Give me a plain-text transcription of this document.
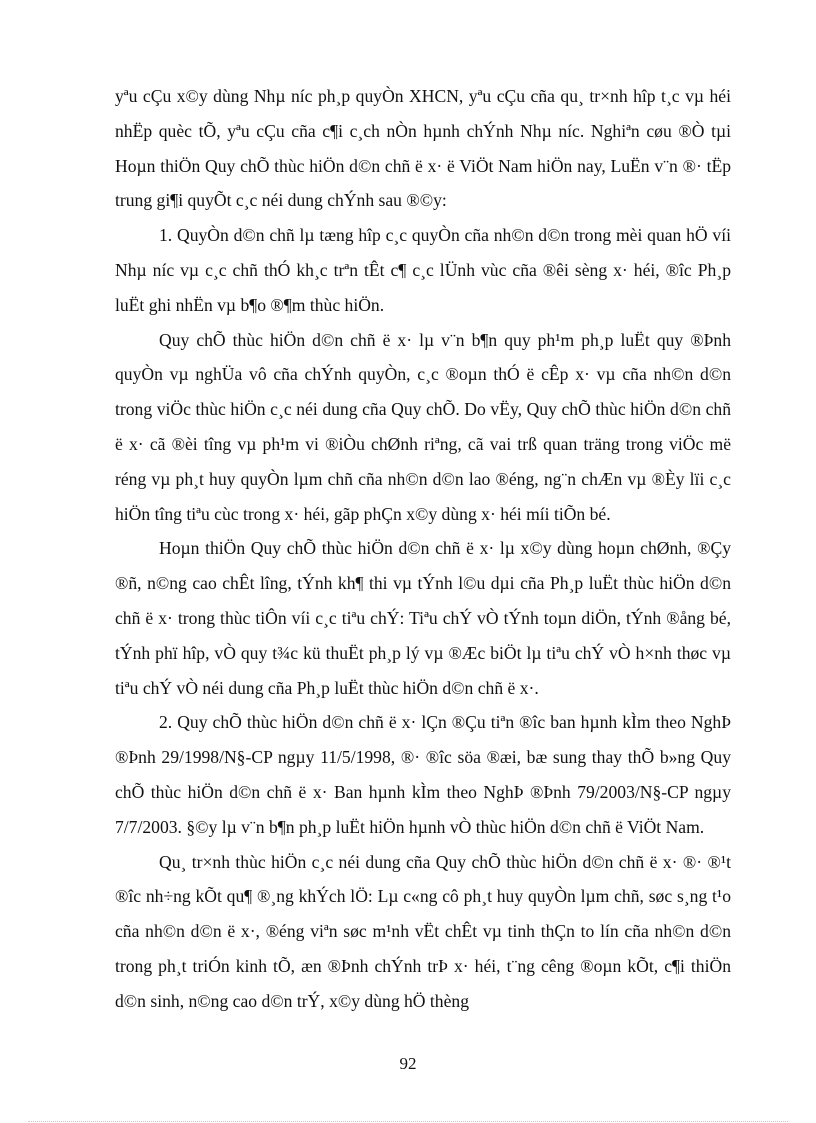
yªu cÇu x©y dùng Nhµ níc ph¸p quyÒn XHCN, yªu cÇu cña qu¸ tr×nh hîp t¸c vµ héi nhËp quèc tÕ, yªu cÇu cña c¶i c¸ch nÒn hµnh chÝnh Nhµ níc. Nghiªn cøu ®Ò tµi Hoµn thiÖn Quy chÕ thùc hiÖn d©n chñ ë x· ë ViÖt Nam hiÖn nay, LuËn v¨n ®· tËp trung gi¶i quyÕt c¸c néi dung chÝnh sau ®©y:

1. QuyÒn d©n chñ lµ tæng hîp c¸c quyÒn cña nh©n d©n trong mèi quan hÖ víi Nhµ níc vµ c¸c chñ thÓ kh¸c trªn tÊt c¶ c¸c lÜnh vùc cña ®êi sèng x· héi, ®îc Ph¸p luËt ghi nhËn vµ b¶o ®¶m thùc hiÖn.

Quy chÕ thùc hiÖn d©n chñ ë x· lµ v¨n b¶n quy ph¹m ph¸p luËt quy ®Þnh quyÒn vµ nghÜa vô cña chÝnh quyÒn, c¸c ®oµn thÓ ë cÊp x· vµ cña nh©n d©n trong viÖc thùc hiÖn c¸c néi dung cña Quy chÕ. Do vËy, Quy chÕ thùc hiÖn d©n chñ ë x· cã ®èi tîng vµ ph¹m vi ®iÒu chØnh riªng, cã vai trß quan träng trong viÖc më réng vµ ph¸t huy quyÒn lµm chñ cña nh©n d©n lao ®éng, ng¨n chÆn vµ ®Èy lïi c¸c hiÖn tîng tiªu cùc trong x· héi, gãp phÇn x©y dùng x· héi míi tiÕn bé.

Hoµn thiÖn Quy chÕ thùc hiÖn d©n chñ ë x· lµ x©y dùng hoµn chØnh, ®Çy ®ñ, n©ng cao chÊt lîng, tÝnh kh¶ thi vµ tÝnh l©u dµi cña Ph¸p luËt thùc hiÖn d©n chñ ë x· trong thùc tiÔn víi c¸c tiªu chÝ: Tiªu chÝ vÒ tÝnh toµn diÖn, tÝnh ®ång bé, tÝnh phï hîp, vÒ quy t¾c kü thuËt ph¸p lý vµ ®Æc biÖt lµ tiªu chÝ vÒ h×nh thøc vµ tiªu chÝ vÒ néi dung cña Ph¸p luËt thùc hiÖn d©n chñ ë x·.

2. Quy chÕ thùc hiÖn d©n chñ ë x· lÇn ®Çu tiªn ®îc ban hµnh kÌm theo NghÞ ®Þnh 29/1998/N§-CP ngµy 11/5/1998, ®· ®îc söa ®æi, bæ sung thay thÕ b»ng Quy chÕ thùc hiÖn d©n chñ ë x· Ban hµnh kÌm theo NghÞ ®Þnh 79/2003/N§-CP ngµy 7/7/2003. §©y lµ v¨n b¶n ph¸p luËt hiÖn hµnh vÒ thùc hiÖn d©n chñ ë ViÖt Nam.

Qu¸ tr×nh thùc hiÖn c¸c néi dung cña Quy chÕ thùc hiÖn d©n chñ ë x· ®· ®¹t ®îc nh÷ng kÕt qu¶ ®¸ng khÝch lÖ: Lµ c«ng cô ph¸t huy quyÒn lµm chñ, søc s¸ng t¹o cña nh©n d©n ë x·, ®éng viªn søc m¹nh vËt chÊt vµ tinh thÇn to lín cña nh©n d©n trong ph¸t triÓn kinh tÕ, æn ®Þnh chÝnh trÞ x· héi, t¨ng cêng ®oµn kÕt, c¶i thiÖn d©n sinh, n©ng cao d©n trÝ, x©y dùng hÖ thèng

92
